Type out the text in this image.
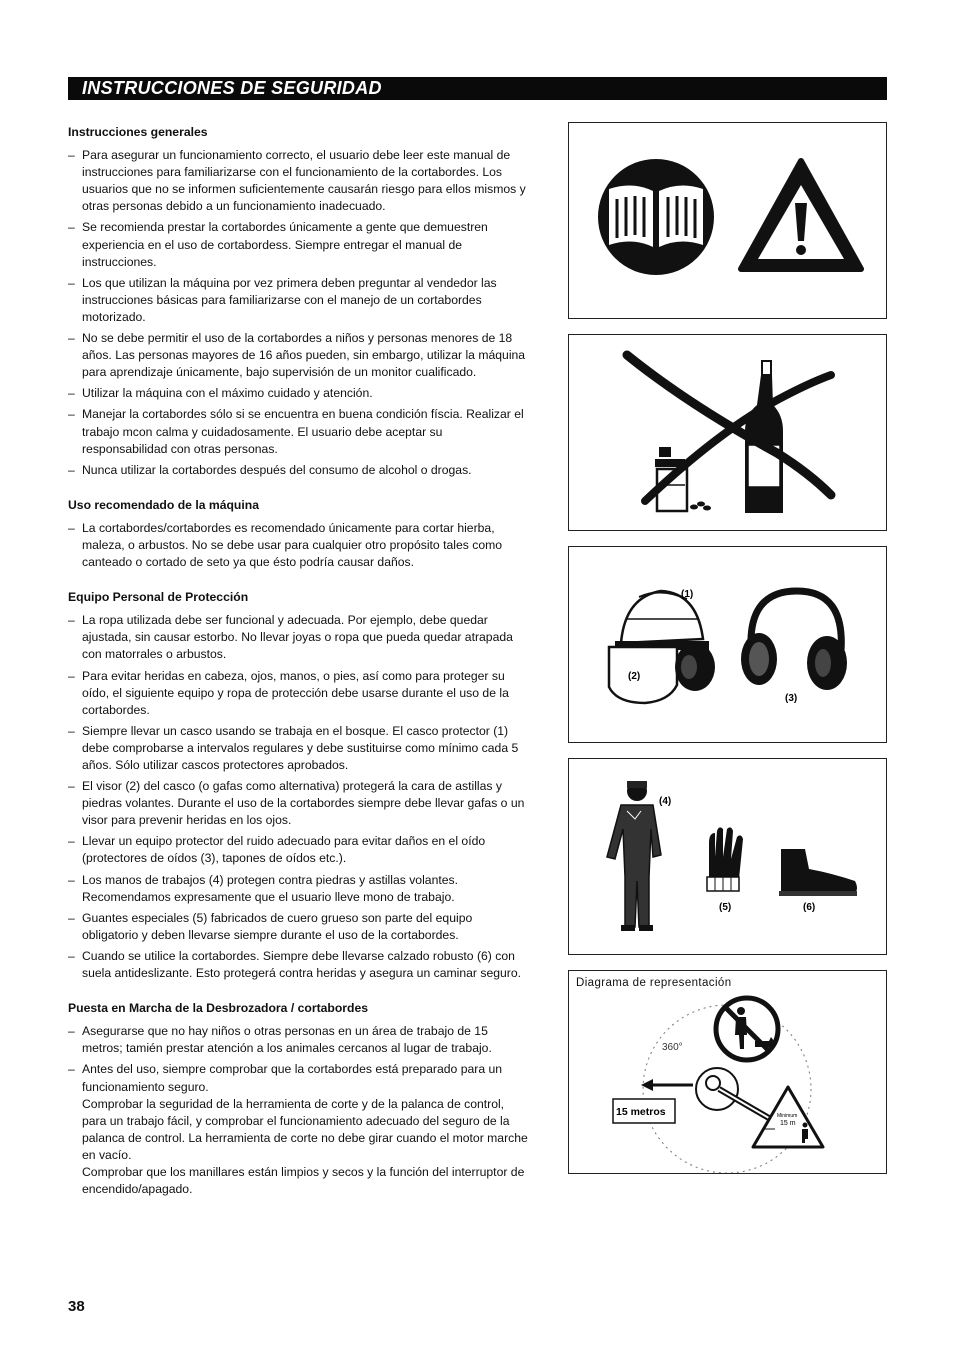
INSTRUCCIONES DE SEGURIDAD
Instrucciones generales
– Para asegurar un funcionamiento correcto, el usuario debe leer este manual de instrucciones para familiarizarse con el funcionamiento de la cortabordes. Los usuarios que no se informen suficientemente causarán riesgo para ellos mismos y otras personas debido a un funcionamiento inadecuado.
– Se recomienda prestar la cortabordes únicamente a gente que demuestren experiencia en el uso de cortabordess. Siempre entregar el manual de instrucciones.
– Los que utilizan la máquina por vez primera deben preguntar al vendedor las instrucciones básicas para familiarizarse con el manejo de un cortabordes motorizado.
– No se debe permitir el uso de la cortabordes a niños y personas menores de 18 años. Las personas mayores de 16 años pueden, sin embargo, utilizar la máquina para aprendizaje únicamente, bajo supervisión de un monitor cualificado.
– Utilizar la máquina con el máximo cuidado y atención.
– Manejar la cortabordes sólo si se encuentra en buena condición físcia. Realizar el trabajo mcon calma y cuidadosamente. El usuario debe aceptar su responsabilidad con otras personas.
– Nunca utilizar la cortabordes después del consumo de alcohol o drogas.
Uso recomendado de la máquina
– La cortabordes/cortabordes es recomendado únicamente para cortar hierba, maleza, o arbustos. No se debe usar para cualquier otro propósito tales como canteado o cortado de seto ya que ésto podría causar daños.
Equipo Personal de Protección
– La ropa utilizada debe ser funcional y adecuada. Por ejemplo, debe quedar ajustada, sin causar estorbo. No llevar joyas o ropa que pueda quedar atrapada con matorrales o arbustos.
– Para evitar heridas en cabeza, ojos, manos, o pies, así como para proteger su oído, el siguiente equipo y ropa de protección debe usarse durante el uso de la cortabordes.
– Siempre llevar un casco usando se trabaja en el bosque. El casco protector (1) debe comprobarse a intervalos regulares y debe sustituirse como mínimo cada 5 años. Sólo utilizar cascos protectores aprobados.
– El visor (2) del casco (o gafas como alternativa) protegerá la cara de astillas y piedras volantes. Durante el uso de la cortabordes siempre debe llevar gafas o un visor para prevenir heridas en los ojos.
– Llevar un equipo protector del ruido adecuado para evitar daños en el oído (protectores de oídos (3), tapones de oídos etc.).
– Los manos de trabajos (4) protegen contra piedras y astillas volantes. Recomendamos expresamente que el usuario lleve mono de trabajo.
– Guantes especiales (5) fabricados de cuero grueso son parte del equipo obligatorio y deben llevarse siempre durante el uso de la cortabordes.
– Cuando se utilice la cortabordes. Siempre debe llevarse calzado robusto (6) con suela antideslizante. Esto protegerá contra heridas y asegura un caminar seguro.
Puesta en Marcha de la Desbrozadora / cortabordes
– Asegurarse que no hay niños o otras personas en un área de trabajo de 15 metros; tamién prestar atención a los animales cercanos al lugar de trabajo.
– Antes del uso, siempre comprobar que la cortabordes está preparado para un funcionamiento seguro.
Comprobar la seguridad de la herramienta de corte y de la palanca de control, para un trabajo fácil, y comprobar el funcionamiento adecuado del seguro de la palanca de control. La herramienta de corte no debe girar cuando el motor marche en vacío.
Comprobar que los manillares están limpios y secos y la función del interruptor de encendido/apagado.
(1)
(2)
(3)
(4)
(5)	(6)
Diagrama de representación
360°
15 metros	Minimum
15 m
38
